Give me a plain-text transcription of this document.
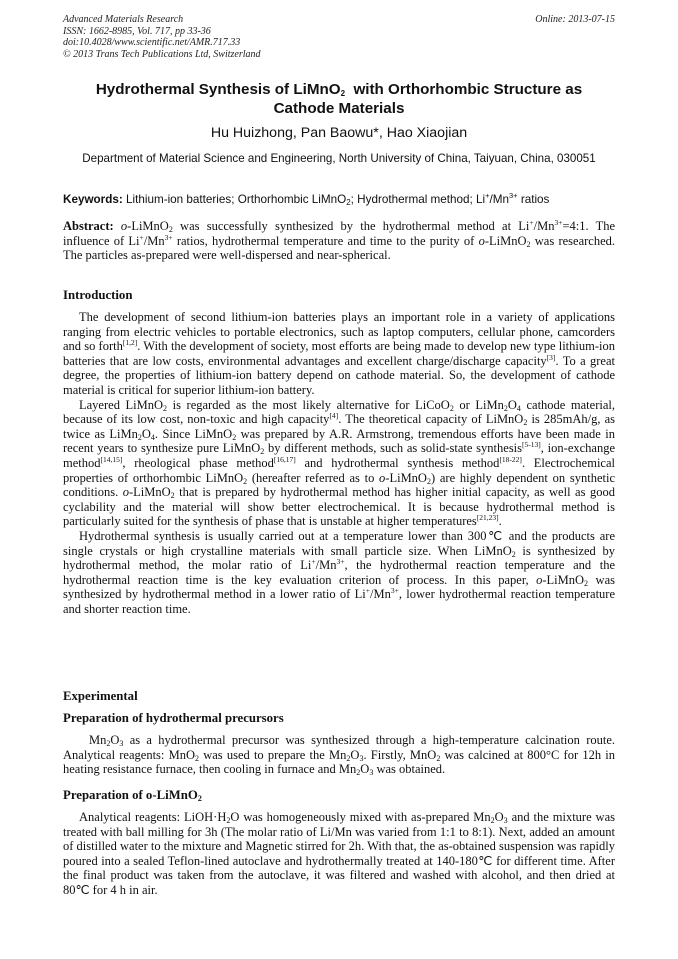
Advanced Materials Research
ISSN: 1662-8985, Vol. 717, pp 33-36
doi:10.4028/www.scientific.net/AMR.717.33
© 2013 Trans Tech Publications Ltd, Switzerland
Online: 2013-07-15
Hydrothermal Synthesis of LiMnO$_2$  with Orthorhombic Structure as
Cathode Materials
Hu Huizhong, Pan Baowu*, Hao Xiaojian
Department of Material Science and Engineering, North University of China, Taiyuan, China, 030051
Keywords: Lithium-ion batteries; Orthorhombic LiMnO$_2$; Hydrothermal method; $Li^+/Mn^{3+}$ ratios
Abstract: o-LiMnO$_2$ was successfully synthesized by the hydrothermal method at $Li^+/Mn^{3+}=4:1$. The influence of $Li^+/Mn^{3+}$ ratios, hydrothermal temperature and time to the purity of o-LiMnO$_2$ was researched. The particles as-prepared were well-dispersed and near-spherical.
Introduction

The development of second lithium-ion batteries plays an important role in a variety of applications ranging from electric vehicles to portable electronics, such as laptop computers, cellular phone, camcorders and so forth[1,2]. With the development of society, most efforts are being made to develop new type lithium-ion batteries that are low costs, environmental advantages and excellent charge/discharge capacity[3]. To a great degree, the properties of lithium-ion battery depend on cathode material. So, the development of cathode material is critical for superior lithium-ion battery.

Layered LiMnO$_2$ is regarded as the most likely alternative for LiCoO$_2$ or $LiMn_2O_4$ cathode material, because of its low cost, non-toxic and high capacity[4]. The theoretical capacity of LiMnO$_2$ is 285mAh/g, as twice as $LiMn_2O_4$. Since LiMnO$_2$ was prepared by A.R. Armstrong, tremendous efforts have been made in recent years to synthesize pure LiMnO$_2$ by different methods, such as solid-state synthesis[5-13], ion-exchange method[14,15], rheological phase method[16,17] and hydrothermal synthesis method[18-22]. Electrochemical properties of orthorhombic LiMnO$_2$ (hereafter referred as to o-LiMnO$_2$) are highly dependent on synthetic conditions. o-LiMnO$_2$ that is prepared by hydrothermal method has higher initial capacity, as well as good cyclability and the material will show better electrochemical. It is because hydrothermal method is particularly suited for the synthesis of phase that is unstable at higher temperatures[21,23].

Hydrothermal synthesis is usually carried out at a temperature lower than 300℃ and the products are single crystals or high crystalline materials with small particle size. When LiMnO$_2$ is synthesized by hydrothermal method, the molar ratio of $Li^+/Mn^{3+}$, the hydrothermal reaction temperature and the hydrothermal reaction time is the key evaluation criterion of process. In this paper, o-LiMnO$_2$ was synthesized by hydrothermal method in a lower ratio of $Li^+/Mn^{3+}$, lower hydrothermal reaction temperature and shorter reaction time.

Experimental
Preparation of hydrothermal precursors

$Mn_2O_3$ as a hydrothermal precursor was synthesized through a high-temperature calcination route. Analytical reagents: MnO$_2$ was used to prepare the $Mn_2O_3$. Firstly, MnO$_2$ was calcined at 800°C for 12h in heating resistance furnace, then cooling in furnace and $Mn_2O_3$ was obtained.

Preparation of o-LiMnO$_2$

Analytical reagents: $LiOH\cdot H_2O$ was homogeneously mixed with as-prepared $Mn_2O_3$ and the mixture was treated with ball milling for 3h (The molar ratio of Li/Mn was varied from 1:1 to 8:1). Next, added an amount of distilled water to the mixture and Magnetic stirred for 2h. With that, the as-obtained suspension was rapidly poured into a sealed Teflon-lined autoclave and hydrothermally treated at 140-180℃ for different time. After the final product was taken from the autoclave, it was filtered and washed with alcohol, and then dried at 80℃ for 4 h in air.
